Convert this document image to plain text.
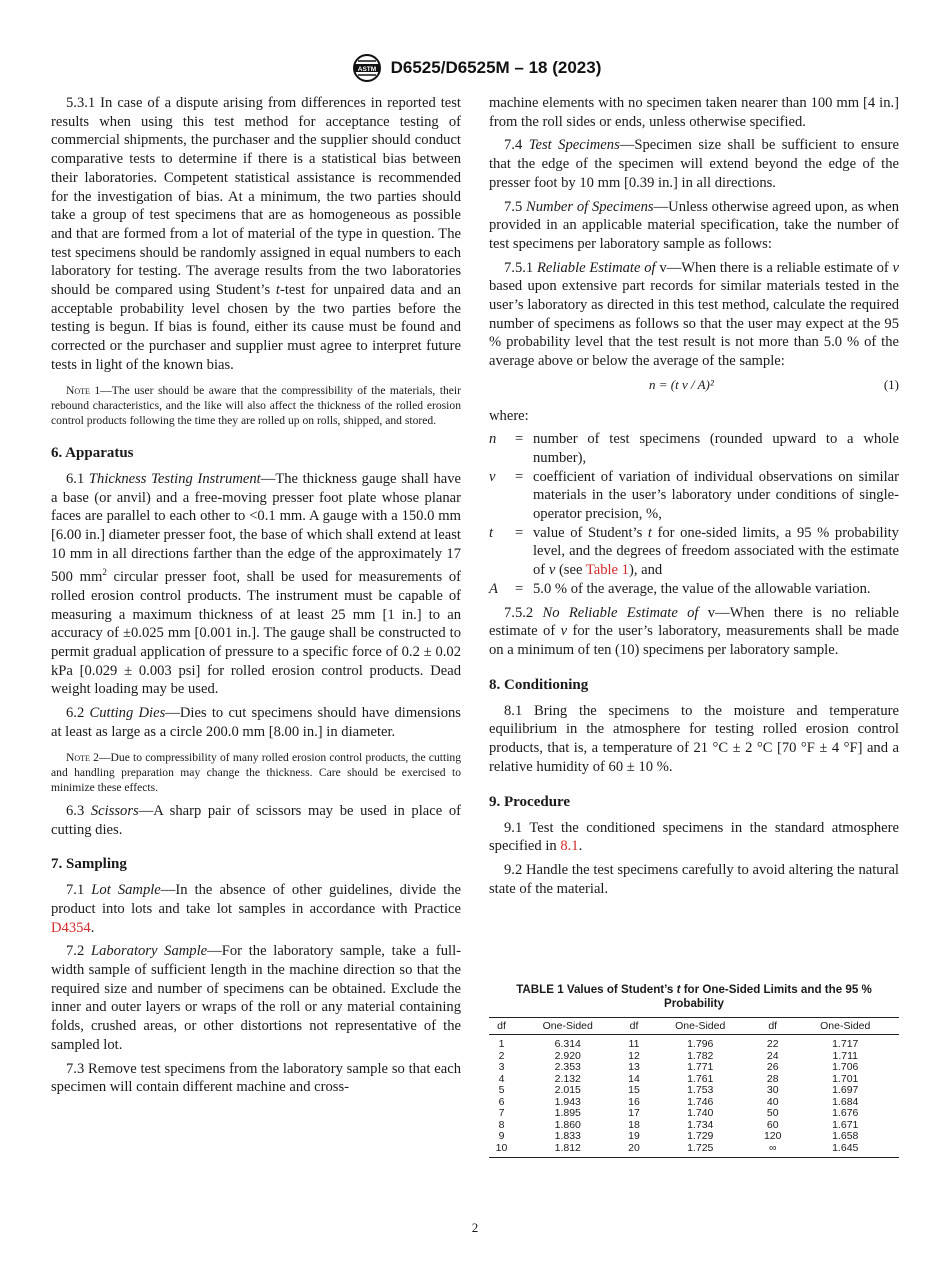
ASTM D6525/D6525M – 18 (2023)

5.3.1 In case of a dispute arising from differences in reported test results when using this test method for acceptance testing of commercial shipments, the purchaser and the supplier should conduct comparative tests to determine if there is a statistical bias between their laboratories. Competent statistical assistance is recommended for the investigation of bias. At a minimum, the two parties should take a group of test specimens that are as homogeneous as possible and that are formed from a lot of material of the type in question. The test specimens should be randomly assigned in equal numbers to each laboratory for testing. The average results from the two laboratories should be compared using Student’s t-test for unpaired data and an acceptable probability level chosen by the two parties before the testing is begun. If bias is found, either its cause must be found and corrected or the purchaser and supplier must agree to interpret future tests in light of the known bias.

Note 1—The user should be aware that the compressibility of the materials, their rebound characteristics, and the like will also affect the thickness of the rolled erosion control products following the time they are rolled up on rolls, shipped, and stored.

6. Apparatus

6.1 Thickness Testing Instrument—The thickness gauge shall have a base (or anvil) and a free-moving presser foot plate whose planar faces are parallel to each other to <0.1 mm. A gauge with a 150.0 mm [6.00 in.] diameter presser foot, the base of which shall extend at least 10 mm in all directions farther than the edge of the approximately 17 500 $mm^2$ circular presser foot, shall be used for measurements of rolled erosion control products. The instrument must be capable of measuring a maximum thickness of at least 25 mm [1 in.] to an accuracy of ±0.025 mm [0.001 in.]. The gauge shall be constructed to permit gradual application of pressure to a specific force of 0.2 ± 0.02 kPa [0.029 ± 0.003 psi] for rolled erosion control products. Dead weight loading may be used.

6.2 Cutting Dies—Dies to cut specimens should have dimensions at least as large as a circle 200.0 mm [8.00 in.] in diameter.

Note 2—Due to compressibility of many rolled erosion control products, the cutting and handling preparation may change the thickness. Care should be exercised to minimize these effects.

6.3 Scissors—A sharp pair of scissors may be used in place of cutting dies.

7. Sampling

7.1 Lot Sample—In the absence of other guidelines, divide the product into lots and take lot samples in accordance with Practice D4354.

7.2 Laboratory Sample—For the laboratory sample, take a full-width sample of sufficient length in the machine direction so that the required size and number of specimens can be obtained. Exclude the inner and outer layers or wraps of the roll or any material containing folds, crushed areas, or other distortions not representative of the sampled lot.

7.3 Remove test specimens from the laboratory sample so that each specimen will contain different machine and cross-

machine elements with no specimen taken nearer than 100 mm [4 in.] from the roll sides or ends, unless otherwise specified.

7.4 Test Specimens—Specimen size shall be sufficient to ensure that the edge of the specimen will extend beyond the edge of the presser foot by 10 mm [0.39 in.] in all directions.

7.5 Number of Specimens—Unless otherwise agreed upon, as when provided in an applicable material specification, take the number of test specimens per laboratory sample as follows:

7.5.1 Reliable Estimate of v—When there is a reliable estimate of v based upon extensive part records for similar materials tested in the user’s laboratory as directed in this test method, calculate the required number of specimens as follows so that the user may expect at the 95 % probability level that the test result is not more than 5.0 % of the average above or below the average of the sample:

n = (t v / A)²	(1)

where:

n	= number of test specimens (rounded upward to a whole number),
v	= coefficient of variation of individual observations on similar materials in the user’s laboratory under conditions of single-operator precision, %,
t	= value of Student’s t for one-sided limits, a 95 % probability level, and the degrees of freedom associated with the estimate of v (see Table 1), and
A	= 5.0 % of the average, the value of the allowable variation.

7.5.2 No Reliable Estimate of v—When there is no reliable estimate of v for the user’s laboratory, measurements shall be made on a minimum of ten (10) specimens per laboratory sample.

8. Conditioning

8.1 Bring the specimens to the moisture and temperature equilibrium in the atmosphere for testing rolled erosion control products, that is, a temperature of 21 °C ± 2 °C [70 °F ± 4 °F] and a relative humidity of 60 ± 10 %.

9. Procedure

9.1 Test the conditioned specimens in the standard atmosphere specified in 8.1.

9.2 Handle the test specimens carefully to avoid altering the natural state of the material.

TABLE 1 Values of Student’s t for One-Sided Limits and the 95 % Probability
df	One-Sided	df	One-Sided	df	One-Sided
1	6.314	11	1.796	22	1.717
2	2.920	12	1.782	24	1.711
3	2.353	13	1.771	26	1.706
4	2.132	14	1.761	28	1.701
5	2.015	15	1.753	30	1.697
6	1.943	16	1.746	40	1.684
7	1.895	17	1.740	50	1.676
8	1.860	18	1.734	60	1.671
9	1.833	19	1.729	120	1.658
10	1.812	20	1.725	∞	1.645
2
